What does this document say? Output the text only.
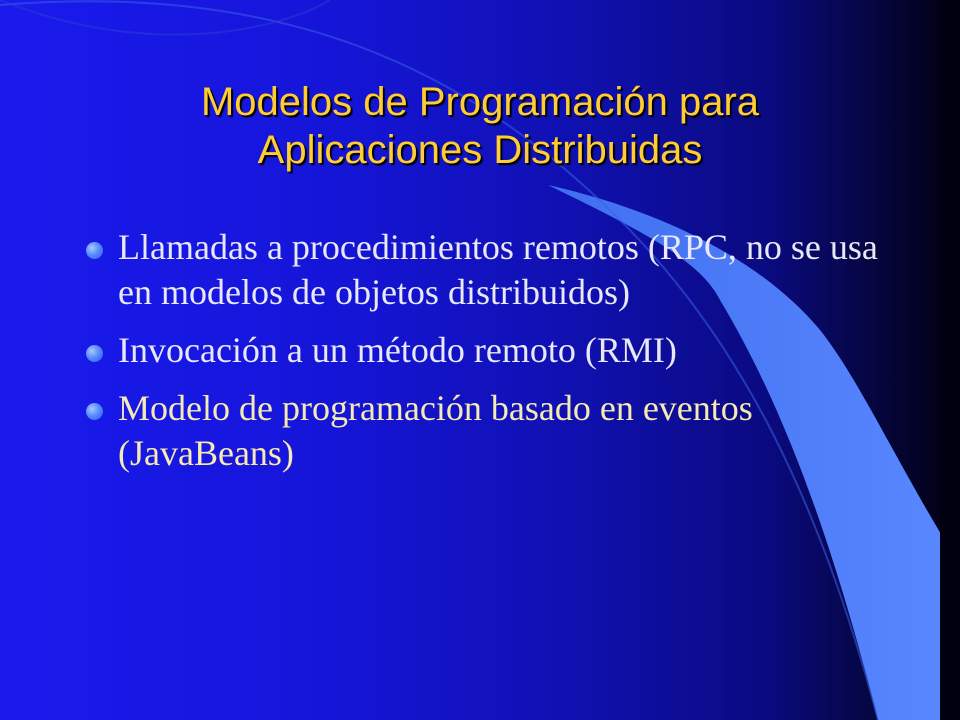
Modelos de Programación para
Aplicaciones Distribuidas
Llamadas a procedimientos remotos (RPC, no se usa en modelos de objetos distribuidos)
Invocación a un método remoto (RMI)
Modelo de programación basado en eventos (JavaBeans)
